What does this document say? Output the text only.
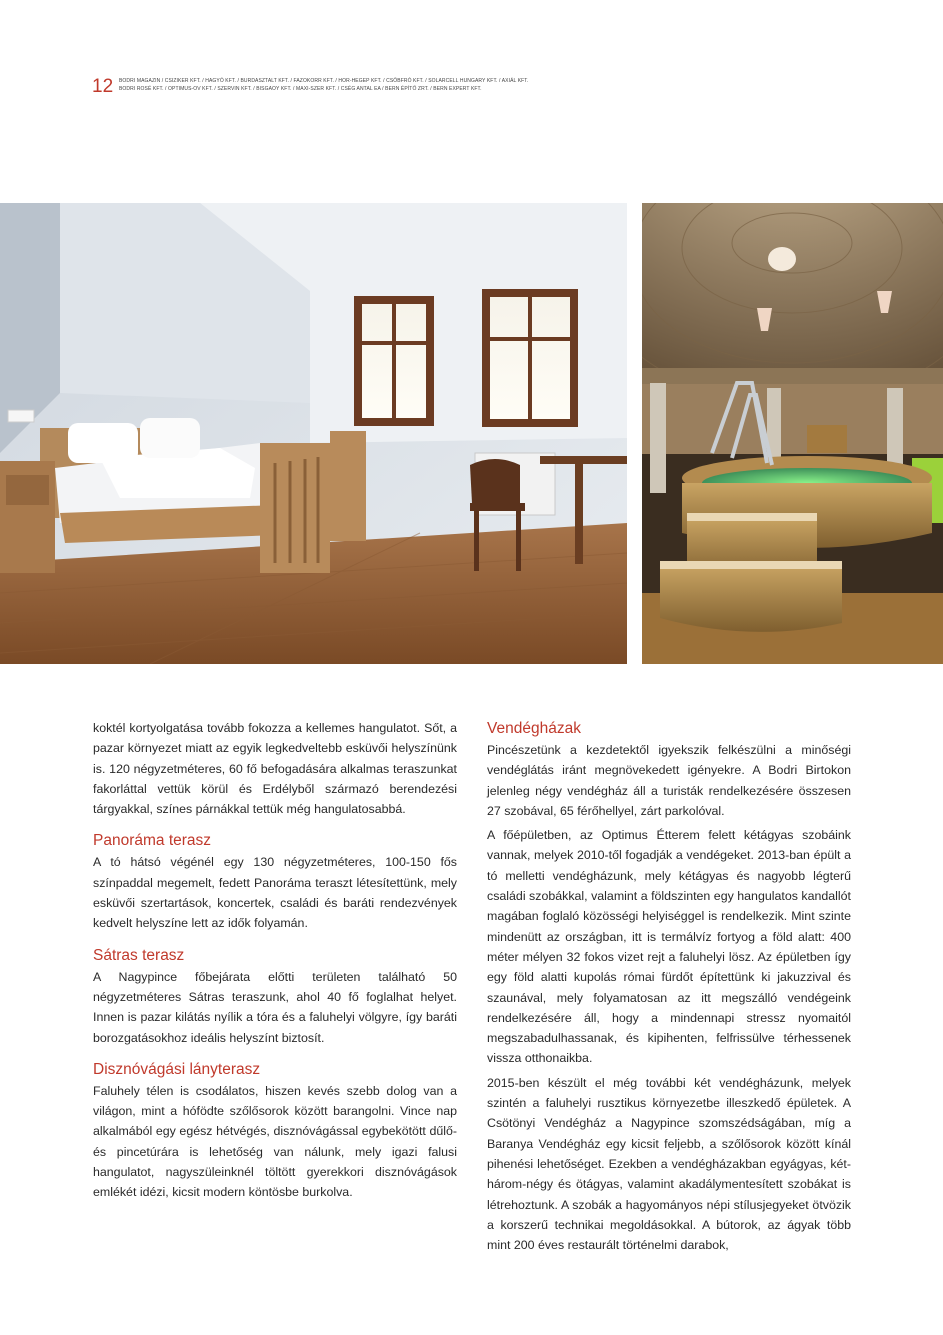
12 BODRI MAGAZIN / CSIZIKER KFT. / HAGYÓ KFT. / BURDASZTALT KFT. / FAZOKORR KFT. / HOR-HEGEP KFT. / CSŐBFRÓ KFT. / SOLARCELL HUNGARY KFT. / AXIÁL KFT.
BODRI ROSÉ KFT. / OPTIMUS-OV KFT. / SZERVIN KFT. / BISGAOY KFT. / MAXI-SZER KFT. / CSÉG ANTAL EA / BERN ÉPÍTŐ ZRT. / BERN EXPERT KFT.

koktél kortyolgatása tovább fokozza a kellemes hangulatot. Sőt, a pazar környezet miatt az egyik legkedveltebb esküvői helyszínünk is. 120 négyzetméteres, 60 fő befogadására alkalmas teraszunkat fakorláttal vettük körül és Erdélyből származó berendezési tárgyakkal, színes párnákkal tettük még hangulatosabbá.

Panoráma terasz

A tó hátsó végénél egy 130 négyzetméteres, 100-150 fős színpaddal megemelt, fedett Panoráma teraszt létesítettünk, mely esküvői szertartások, koncertek, családi és baráti rendezvények kedvelt helyszíne lett az idők folyamán.

Sátras terasz

A Nagypince főbejárata előtti területen található 50 négyzetméteres Sátras teraszunk, ahol 40 fő foglalhat helyet. Innen is pazar kilátás nyílik a tóra és a faluhelyi völgyre, így baráti borozgatásokhoz ideális helyszínt biztosít.

Disznóvágási lányterasz

Faluhely télen is csodálatos, hiszen kevés szebb dolog van a világon, mint a hófödte szőlősorok között barangolni. Vince nap alkalmából egy egész hétvégés, disznóvágással egybekötött dűlő- és pincetúrára is lehetőség van nálunk, mely igazi falusi hangulatot, nagyszüleinknél töltött gyerekkori disznóvágások emlékét idézi, kicsit modern köntösbe burkolva.

Vendégházak

Pincészetünk a kezdetektől igyekszik felkészülni a minőségi vendéglátás iránt megnövekedett igényekre. A Bodri Birtokon jelenleg négy vendégház áll a turisták rendelkezésére összesen 27 szobával, 65 férőhellyel, zárt parkolóval.

A főépületben, az Optimus Étterem felett kétágyas szobáink vannak, melyek 2010-től fogadják a vendégeket. 2013-ban épült a tó melletti vendégházunk, mely kétágyas és nagyobb légterű családi szobákkal, valamint a földszinten egy hangulatos kandallót magában foglaló közösségi helyiséggel is rendelkezik. Mint szinte mindenütt az országban, itt is termálvíz fortyog a föld alatt: 400 méter mélyen 32 fokos vizet rejt a faluhelyi lösz. Az épületben így egy föld alatti kupolás római fürdőt építettünk ki jakuzzival és szaunával, mely folyamatosan az itt megszálló vendégeink rendelkezésére áll, hogy a mindennapi stressz nyomaitól megszabadulhassanak, és kipihenten, felfrissülve térhessenek vissza otthonaikba.

2015-ben készült el még további két vendégházunk, melyek szintén a faluhelyi rusztikus környezetbe illeszkedő épületek. A Csötönyi Vendégház a Nagypince szomszédságában, míg a Baranya Vendégház egy kicsit feljebb, a szőlősorok között kínál pihenési lehetőséget. Ezekben a vendégházakban egyágyas, két-három-négy és ötágyas, valamint akadálymentesített szobákat is létrehoztunk. A szobák a hagyományos népi stílusjegyeket ötvözik a korszerű technikai megoldásokkal. A bútorok, az ágyak több mint 200 éves restaurált történelmi darabok,
